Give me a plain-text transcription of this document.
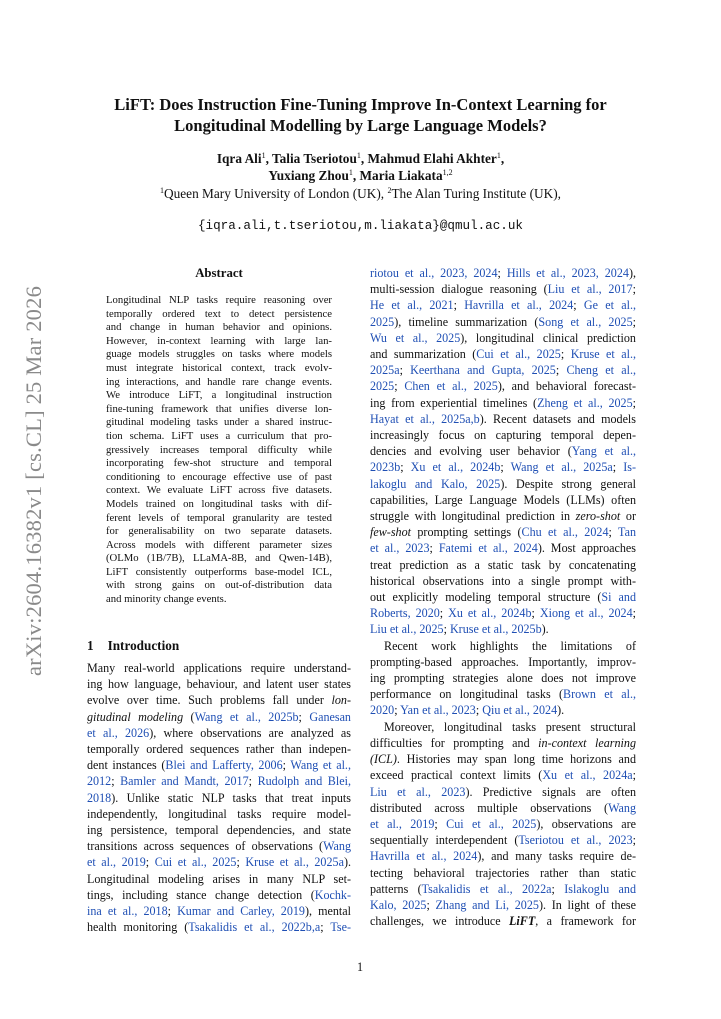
arXiv:2604.16382v1 [cs.CL] 25 Mar 2026
LiFT: Does Instruction Fine-Tuning Improve In-Context Learning for
Longitudinal Modelling by Large Language Models?
Iqra Ali$^1$, Talia Tseriotou$^1$, Mahmud Elahi Akhter$^1$,
Yuxiang Zhou$^1$, Maria Liakata$^{1,2}$
$^1$Queen Mary University of London (UK), $^2$The Alan Turing Institute (UK),
{iqra.ali,t.tseriotou,m.liakata}@qmul.ac.uk
Abstract
Longitudinal NLP tasks require reasoning over
temporally ordered text to detect persistence
and change in human behavior and opinions.
However, in-context learning with large lan-
guage models struggles on tasks where models
must integrate historical context, track evolv-
ing interactions, and handle rare change events.
We introduce LiFT, a longitudinal instruction
fine-tuning framework that unifies diverse lon-
gitudinal modeling tasks under a shared instruc-
tion schema. LiFT uses a curriculum that pro-
gressively increases temporal difficulty while
incorporating few-shot structure and temporal
conditioning to encourage effective use of past
context. We evaluate LiFT across five datasets.
Models trained on longitudinal tasks with dif-
ferent levels of temporal granularity are tested
for generalisability on two separate datasets.
Across models with different parameter sizes
(OLMo (1B/7B), LLaMA-8B, and Qwen-14B),
LiFT consistently outperforms base-model ICL,
with strong gains on out-of-distribution data
and minority change events.
1 Introduction
Many real-world applications require understand-
ing how language, behaviour, and latent user states
evolve over time. Such problems fall under lon-
gitudinal modeling (Wang et al., 2025b; Ganesan
et al., 2026), where observations are analyzed as
temporally ordered sequences rather than indepen-
dent instances (Blei and Lafferty, 2006; Wang et al.,
2012; Bamler and Mandt, 2017; Rudolph and Blei,
2018). Unlike static NLP tasks that treat inputs
independently, longitudinal tasks require model-
ing persistence, temporal dependencies, and state
transitions across sequences of observations (Wang
et al., 2019; Cui et al., 2025; Kruse et al., 2025a).
Longitudinal modeling arises in many NLP set-
tings, including stance change detection (Kochk-
ina et al., 2018; Kumar and Carley, 2019), mental
health monitoring (Tsakalidis et al., 2022b,a; Tse-
riotou et al., 2023, 2024; Hills et al., 2023, 2024),
multi-session dialogue reasoning (Liu et al., 2017;
He et al., 2021; Havrilla et al., 2024; Ge et al.,
2025), timeline summarization (Song et al., 2025;
Wu et al., 2025), longitudinal clinical prediction
and summarization (Cui et al., 2025; Kruse et al.,
2025a; Keerthana and Gupta, 2025; Cheng et al.,
2025; Chen et al., 2025), and behavioral forecast-
ing from experiential timelines (Zheng et al., 2025;
Hayat et al., 2025a,b). Recent datasets and models
increasingly focus on capturing temporal depen-
dencies and evolving user behavior (Yang et al.,
2023b; Xu et al., 2024b; Wang et al., 2025a; Is-
lakoglu and Kalo, 2025). Despite strong general
capabilities, Large Language Models (LLMs) often
struggle with longitudinal prediction in zero-shot or
few-shot prompting settings (Chu et al., 2024; Tan
et al., 2023; Fatemi et al., 2024). Most approaches
treat prediction as a static task by concatenating
historical observations into a single prompt with-
out explicitly modeling temporal structure (Si and
Roberts, 2020; Xu et al., 2024b; Xiong et al., 2024;
Liu et al., 2025; Kruse et al., 2025b).
Recent work highlights the limitations of
prompting-based approaches. Importantly, improv-
ing prompting strategies alone does not improve
performance on longitudinal tasks (Brown et al.,
2020; Yan et al., 2023; Qiu et al., 2024).
Moreover, longitudinal tasks present structural
difficulties for prompting and in-context learning
(ICL). Histories may span long time horizons and
exceed practical context limits (Xu et al., 2024a;
Liu et al., 2023). Predictive signals are often
distributed across multiple observations (Wang
et al., 2019; Cui et al., 2025), observations are
sequentially interdependent (Tseriotou et al., 2023;
Havrilla et al., 2024), and many tasks require de-
tecting behavioral trajectories rather than static
patterns (Tsakalidis et al., 2022a; Islakoglu and
Kalo, 2025; Zhang and Li, 2025). In light of these
challenges, we introduce LiFT, a framework for
1
